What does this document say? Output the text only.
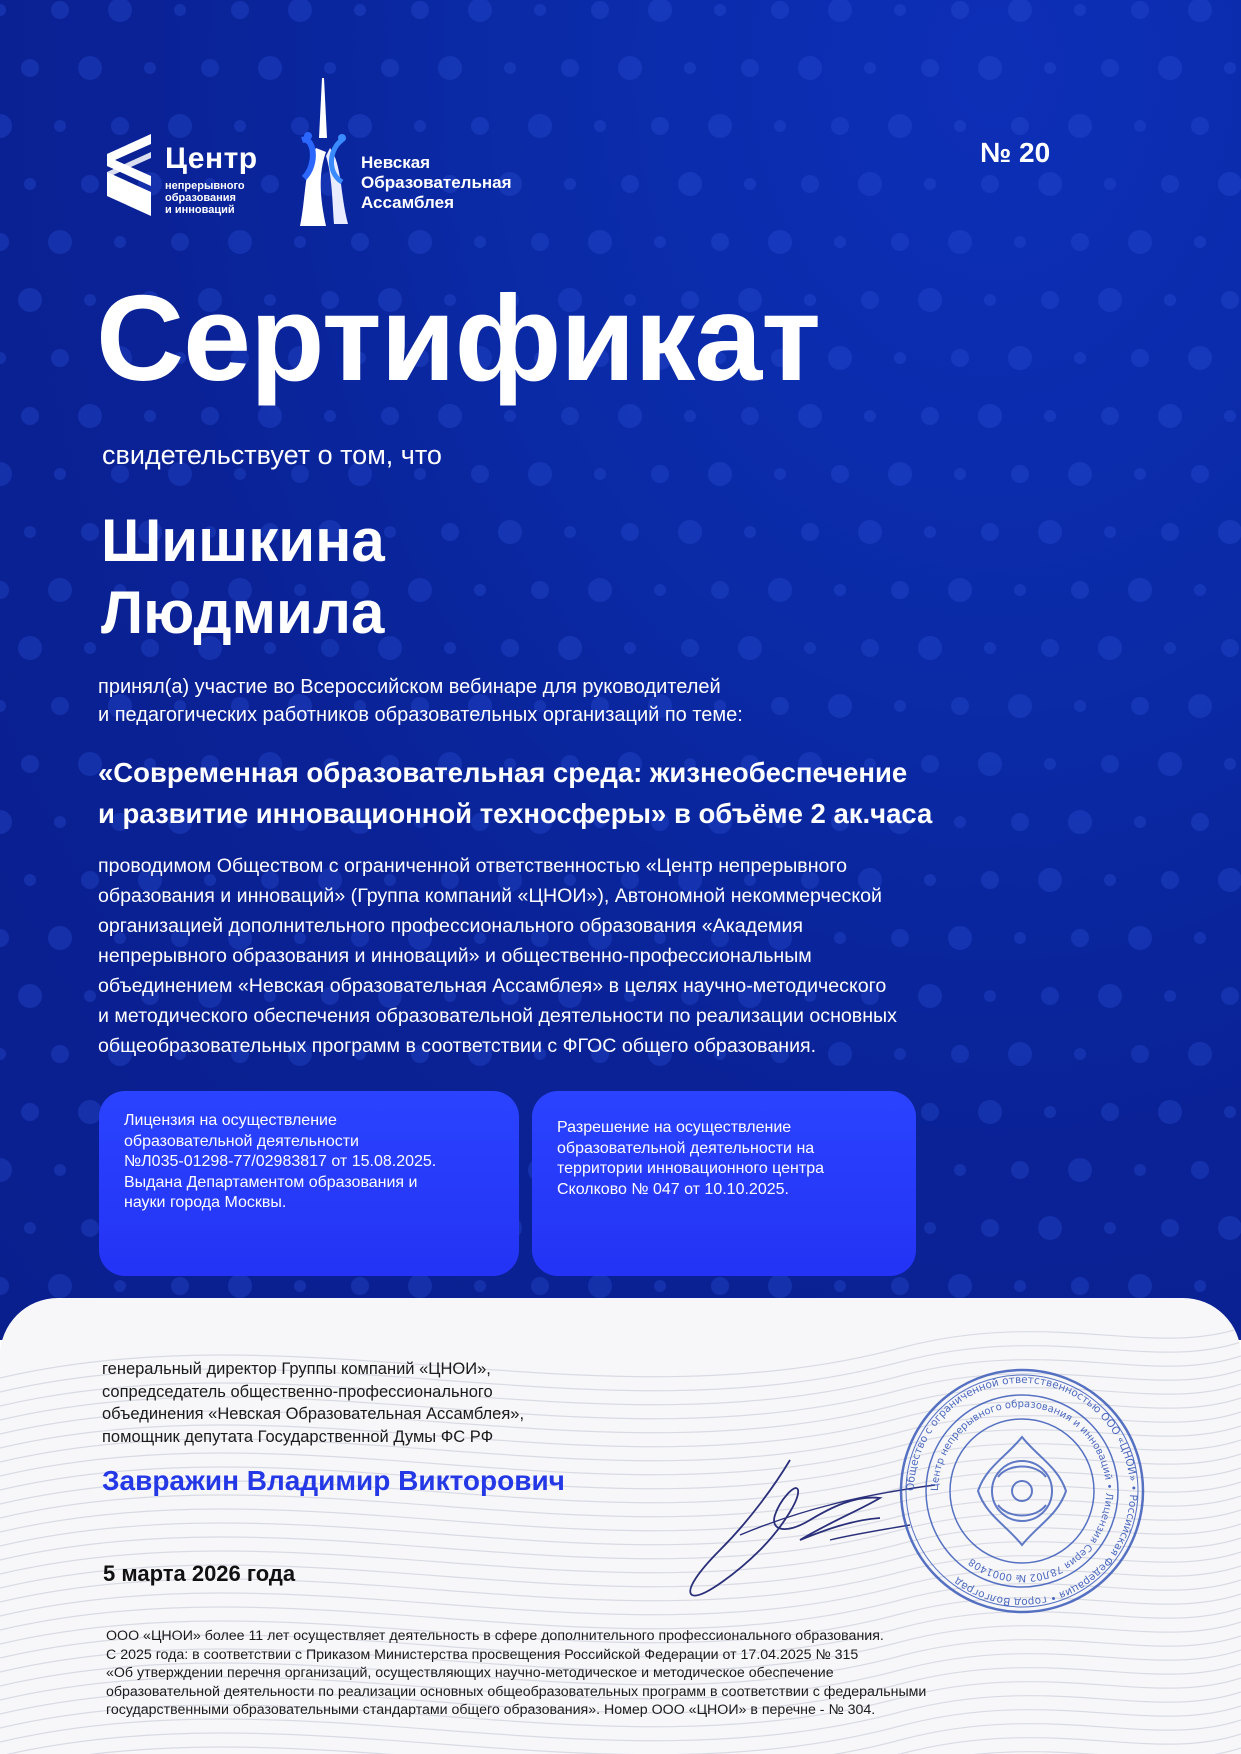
Центр
непрерывного
образования
и инноваций
Невская
Образовательная
Ассамблея
№ 20
Сертификат
свидетельствует о том, что
Шишкина
Людмила
принял(а) участие во Всероссийском вебинаре для руководителей
и педагогических работников образовательных организаций по теме:
«Современная образовательная среда: жизнеобеспечение
и развитие инновационной техносферы» в объёме 2 ак.часа
проводимом Обществом с ограниченной ответственностью «Центр непрерывного
образования и инноваций» (Группа компаний «ЦНОИ»), Автономной некоммерческой
организацией дополнительного профессионального образования «Академия
непрерывного образования и инноваций» и общественно-профессиональным
объединением «Невская образовательная Ассамблея» в целях научно-методического
и методического обеспечения образовательной деятельности по реализации основных
общеобразовательных программ в соответствии с ФГОС общего образования.
Лицензия на осуществление
образовательной деятельности
№Л035-01298-77/02983817 от 15.08.2025.
Выдана Департаментом образования и
науки города Москвы.
Разрешение на осуществление
образовательной деятельности на
территории инновационного центра
Сколково № 047 от 10.10.2025.
генеральный директор Группы компаний «ЦНОИ»,
сопредседатель общественно-профессионального
объединения «Невская Образовательная Ассамблея»,
помощник депутата Государственной Думы ФС РФ
Завражин Владимир Викторович
5 марта 2026 года
Общество с ограниченной ответственностью ООО «ЦНОИ» • Российская Федерация • город Волгоград
Центр непрерывного образования и инноваций • Лицензия Серия 78Л02 № 0001408
ООО «ЦНОИ» более 11 лет осуществляет деятельность в сфере дополнительного профессионального образования.
С 2025 года: в соответствии с Приказом Министерства просвещения Российской Федерации от 17.04.2025 № 315
«Об утверждении перечня организаций, осуществляющих научно-методическое и методическое обеспечение
образовательной деятельности по реализации основных общеобразовательных программ в соответствии с федеральными
государственными образовательными стандартами общего образования». Номер ООО «ЦНОИ» в перечне - № 304.
